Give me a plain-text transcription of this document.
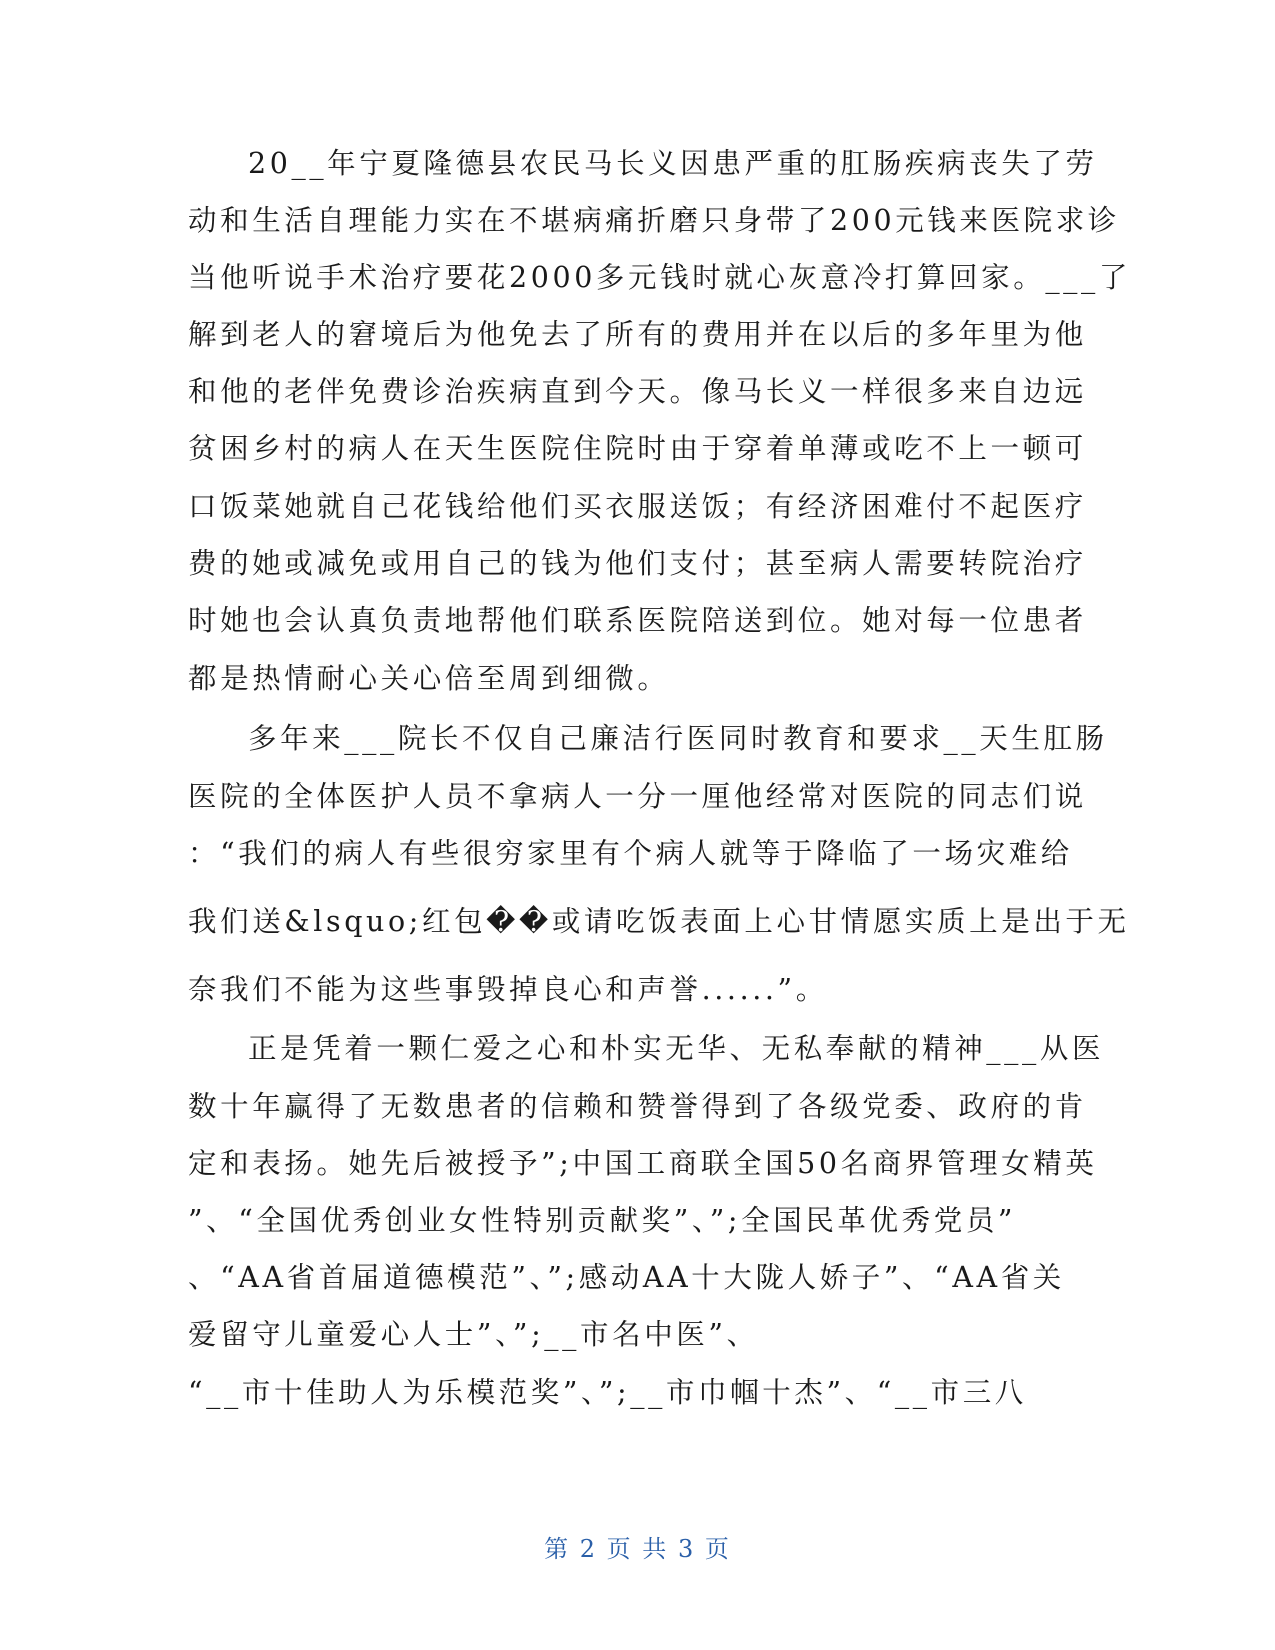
20__年宁夏隆德县农民马长义因患严重的肛肠疾病丧失了劳
动和生活自理能力实在不堪病痛折磨只身带了200元钱来医院求诊
当他听说手术治疗要花2000多元钱时就心灰意冷打算回家。___了
解到老人的窘境后为他免去了所有的费用并在以后的多年里为他
和他的老伴免费诊治疾病直到今天。像马长义一样很多来自边远
贫困乡村的病人在天生医院住院时由于穿着单薄或吃不上一顿可
口饭菜她就自己花钱给他们买衣服送饭；有经济困难付不起医疗
费的她或减免或用自己的钱为他们支付；甚至病人需要转院治疗
时她也会认真负责地帮他们联系医院陪送到位。她对每一位患者
都是热情耐心关心倍至周到细微。
多年来___院长不仅自己廉洁行医同时教育和要求__天生肛肠
医院的全体医护人员不拿病人一分一厘他经常对医院的同志们说
：“我们的病人有些很穷家里有个病人就等于降临了一场灾难给
我们送&lsquo;红包��或请吃饭表面上心甘情愿实质上是出于无
奈我们不能为这些事毁掉良心和声誉......”。
正是凭着一颗仁爱之心和朴实无华、无私奉献的精神___从医
数十年赢得了无数患者的信赖和赞誉得到了各级党委、政府的肯
定和表扬。她先后被授予”;中国工商联全国50名商界管理女精英
”、“全国优秀创业女性特别贡献奖”、”;全国民革优秀党员”
、“AA省首届道德模范”、”;感动AA十大陇人娇子”、“AA省关
爱留守儿童爱心人士”、”;__市名中医”、
“__市十佳助人为乐模范奖”、”;__市巾帼十杰”、“__市三八
第 2 页 共 3 页
